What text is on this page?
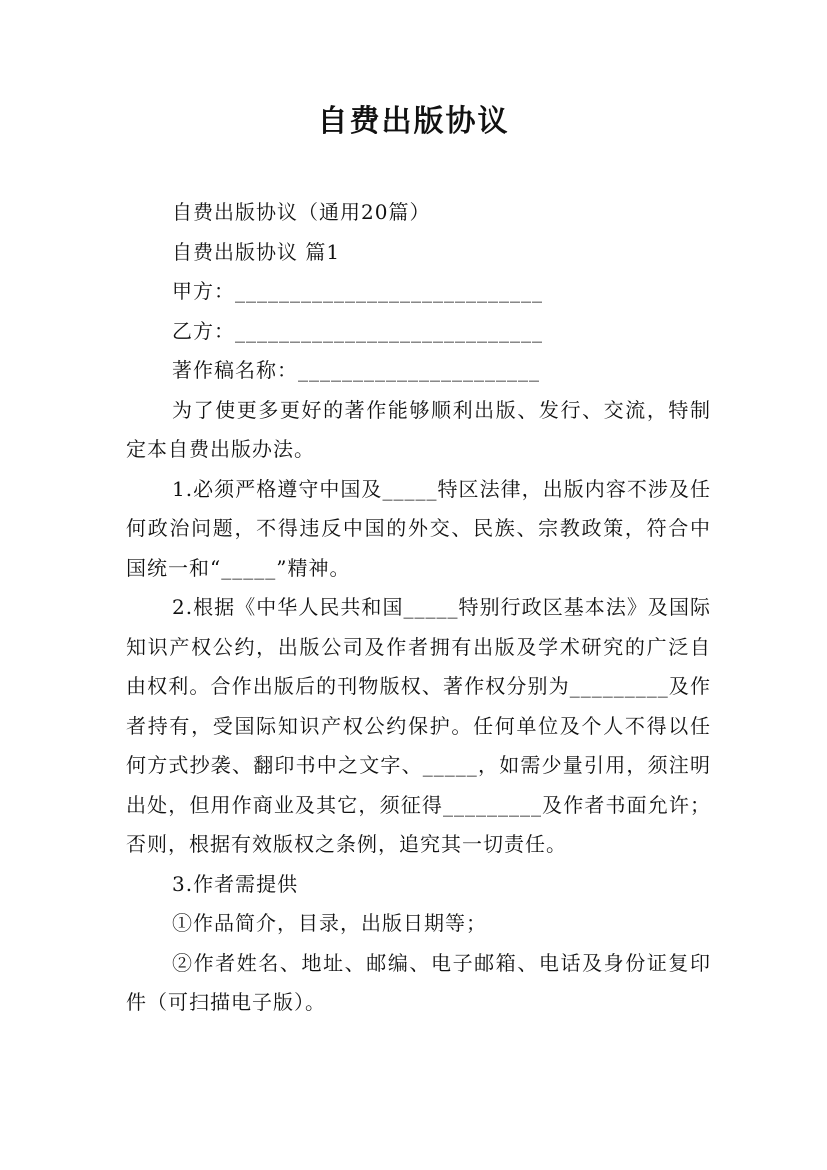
自费出版协议

自费出版协议（通用20篇）

自费出版协议 篇1

甲方：____________________________

乙方：____________________________

著作稿名称：______________________

为了使更多更好的著作能够顺利出版、发行、交流，特制定本自费出版办法。

1.必须严格遵守中国及_____特区法律，出版内容不涉及任何政治问题，不得违反中国的外交、民族、宗教政策，符合中国统一和“_____”精神。

2.根据《中华人民共和国_____特别行政区基本法》及国际知识产权公约，出版公司及作者拥有出版及学术研究的广泛自由权利。合作出版后的刊物版权、著作权分别为_________及作者持有，受国际知识产权公约保护。任何单位及个人不得以任何方式抄袭、翻印书中之文字、_____，如需少量引用，须注明出处，但用作商业及其它，须征得_________及作者书面允许；否则，根据有效版权之条例，追究其一切责任。

3.作者需提供

①作品简介，目录，出版日期等；

②作者姓名、地址、邮编、电子邮箱、电话及身份证复印件（可扫描电子版）。
